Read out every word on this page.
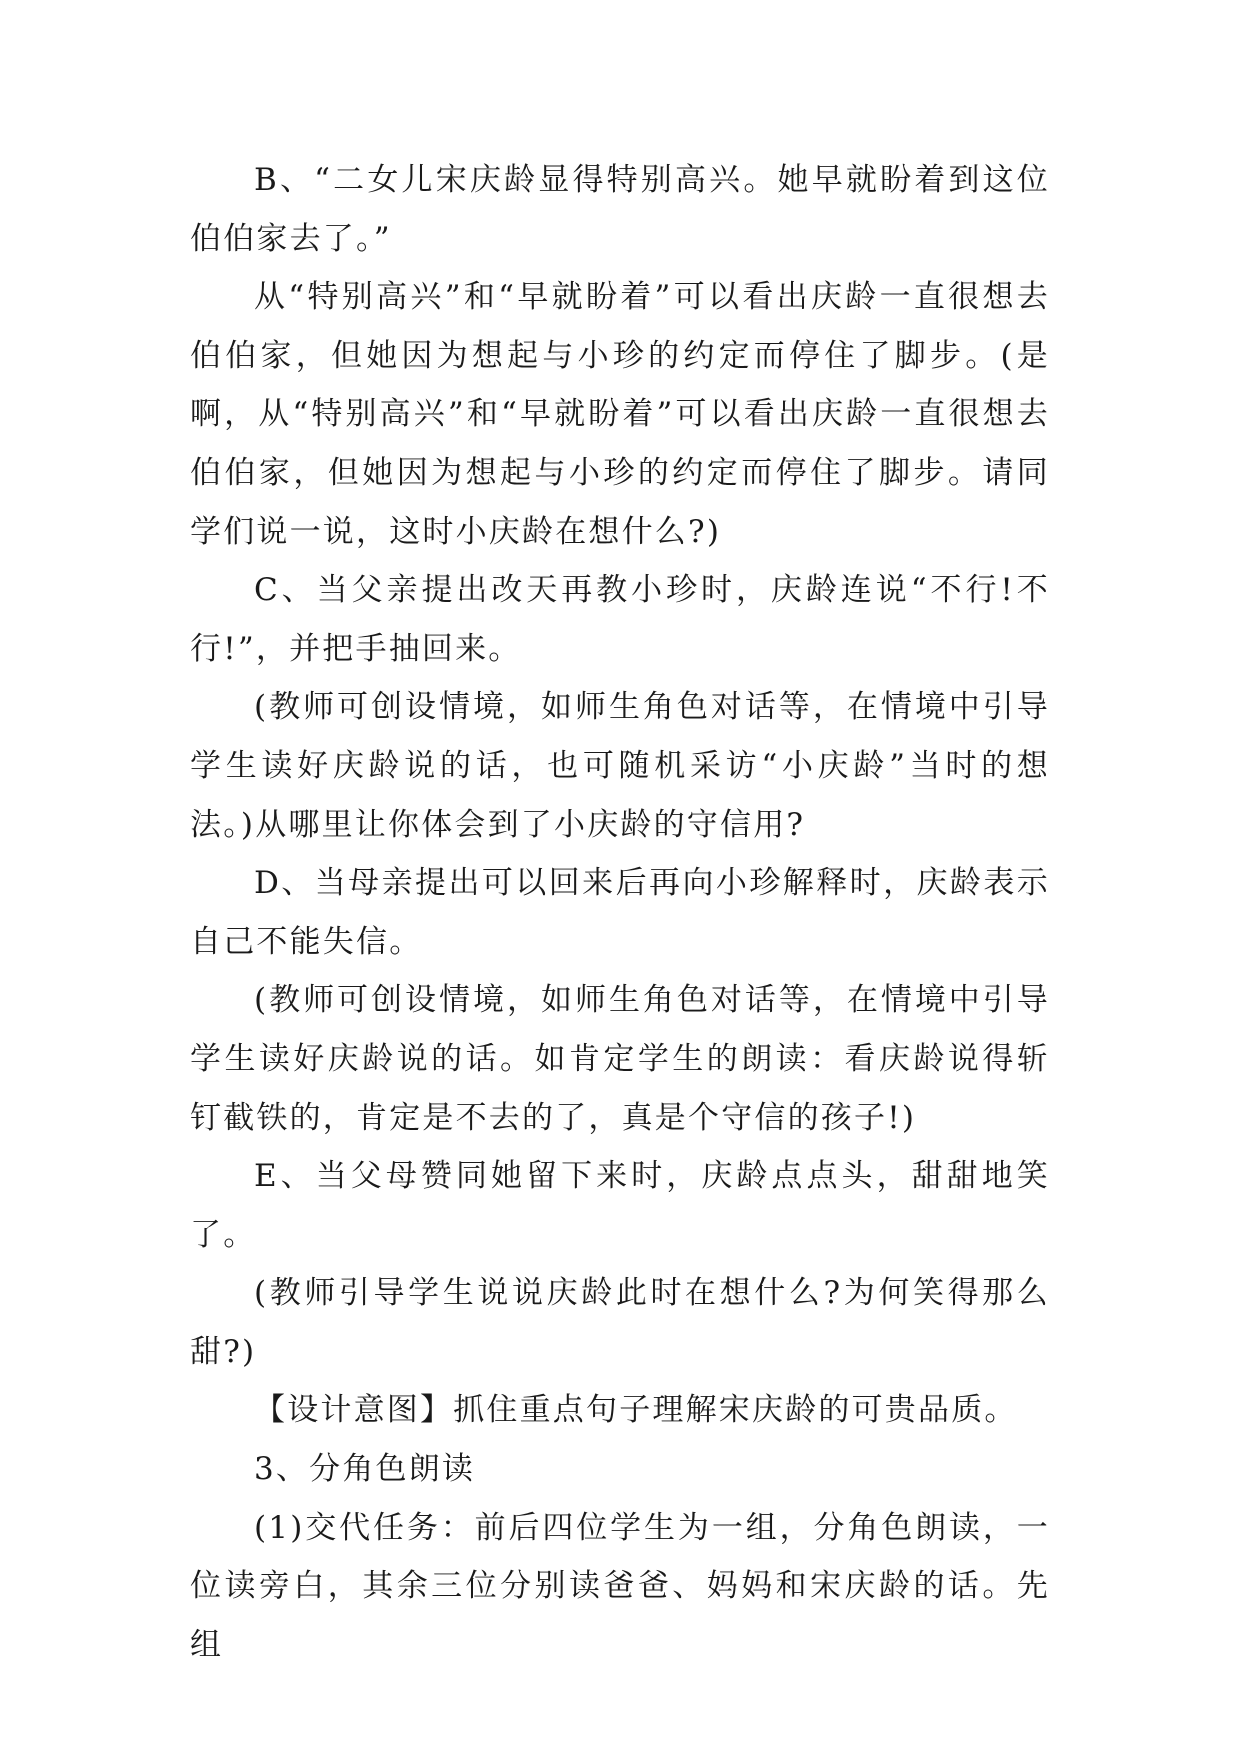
B、“二女儿宋庆龄显得特别高兴。她早就盼着到这位伯伯家去了。”

从“特别高兴”和“早就盼着”可以看出庆龄一直很想去伯伯家，但她因为想起与小珍的约定而停住了脚步。(是啊，从“特别高兴”和“早就盼着”可以看出庆龄一直很想去伯伯家，但她因为想起与小珍的约定而停住了脚步。请同学们说一说，这时小庆龄在想什么?)

C、当父亲提出改天再教小珍时，庆龄连说“不行!不行!”，并把手抽回来。

(教师可创设情境，如师生角色对话等，在情境中引导学生读好庆龄说的话，也可随机采访“小庆龄”当时的想法。)从哪里让你体会到了小庆龄的守信用?

D、当母亲提出可以回来后再向小珍解释时，庆龄表示自己不能失信。

(教师可创设情境，如师生角色对话等，在情境中引导学生读好庆龄说的话。如肯定学生的朗读：看庆龄说得斩钉截铁的，肯定是不去的了，真是个守信的孩子!)

E、当父母赞同她留下来时，庆龄点点头，甜甜地笑了。

(教师引导学生说说庆龄此时在想什么?为何笑得那么甜?)

【设计意图】抓住重点句子理解宋庆龄的可贵品质。

3、分角色朗读

(1)交代任务：前后四位学生为一组，分角色朗读，一位读旁白，其余三位分别读爸爸、妈妈和宋庆龄的话。先组
